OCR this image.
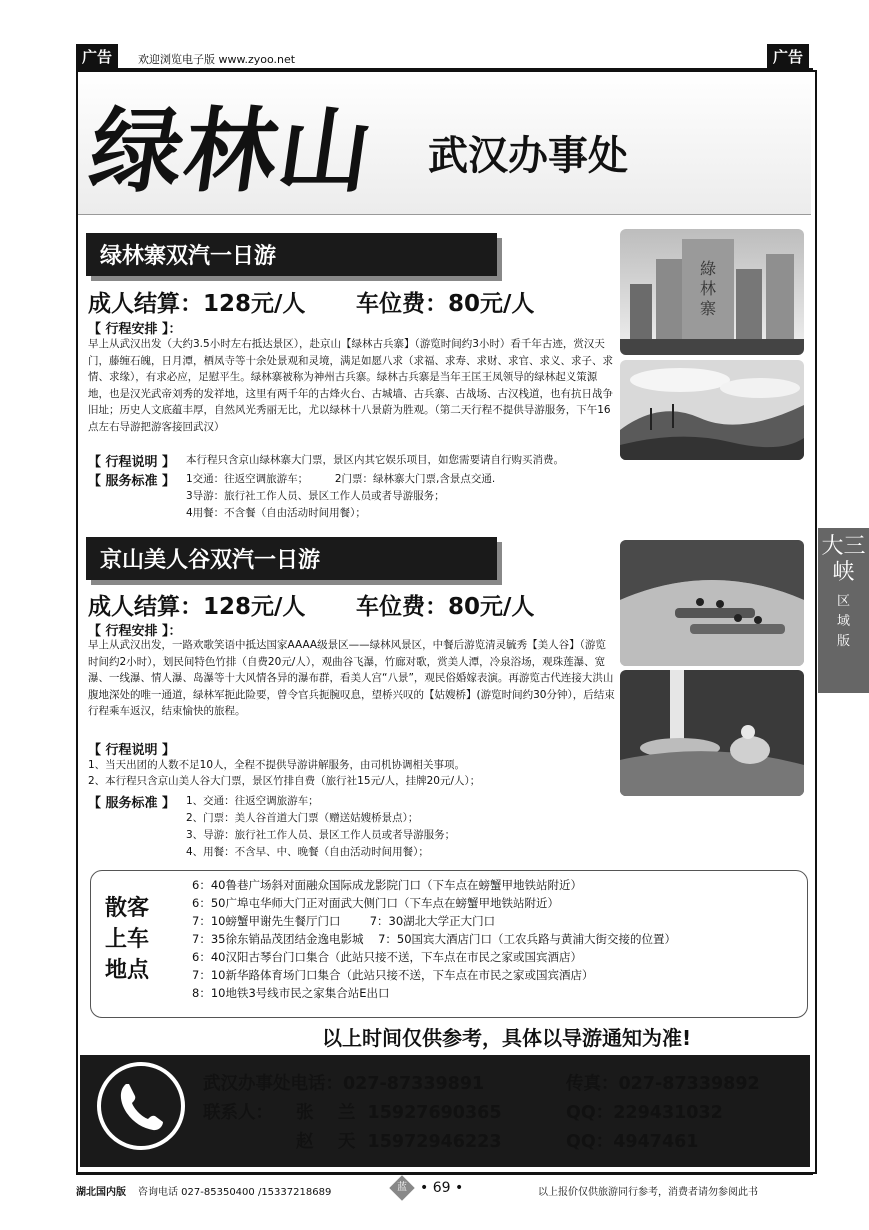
广告	欢迎浏览电子版 www.zyoo.net	广告
绿林山 武汉办事处
绿林寨双汽一日游
成人结算：128元/人 车位费：80元/人
【 行程安排 】：
早上从武汉出发（大约3.5小时左右抵达景区），赴京山【绿林古兵寨】（游览时间约3小时）看千年古迹，赏汉天门，藤缠石魄，日月潭，栖凤寺等十余处景观和灵境，满足如愿八求（求福、求寿、求财、求官、求义、求子、求情、求缘），有求必应，足慰平生。绿林寨被称为神州古兵寨。绿林古兵寨是当年王匡王凤领导的绿林起义策源地，也是汉光武帝刘秀的发祥地，这里有两千年的古烽火台、古城墙、古兵寨、古战场、古汉栈道，也有抗日战争旧址；历史人文底蕴丰厚，自然风光秀丽无比，尤以绿林十八景蔚为胜观。（第二天行程不提供导游服务，下午16点左右导游把游客接回武汉）
【 行程说明 】 本行程只含京山绿林寨大门票，景区内其它娱乐项目，如您需要请自行购买消费。
【 服务标准 】 1交通：往返空调旅游车；        2门票：绿林寨大门票,含景点交通.
3导游：旅行社工作人员、景区工作人员或者导游服务；
4用餐：不含餐（自由活动时间用餐）；
綠
林
寨
京山美人谷双汽一日游
成人结算：128元/人 车位费：80元/人
【 行程安排 】：
早上从武汉出发，一路欢歌笑语中抵达国家AAAA级景区——绿林风景区，中餐后游览清灵毓秀【美人谷】（游览时间约2小时），划民间特色竹排（自费20元/人），观曲谷飞瀑，竹廊对歌，赏美人潭，冷泉浴场，观珠莲瀑、宽瀑、一线瀑、情人瀑、岛瀑等十大风情各异的瀑布群，看美人宫“八景”，观民俗婚嫁表演。再游览古代连接大洪山腹地深处的唯一通道，绿林军扼此险要，曾令官兵扼腕叹息，望桥兴叹的【姑嫂桥】(游览时间约30分钟），后结束行程乘车返汉，结束愉快的旅程。
【 行程说明 】
1、当天出团的人数不足10人，全程不提供导游讲解服务，由司机协调相关事项。
2、本行程只含京山美人谷大门票，景区竹排自费（旅行社15元/人，挂牌20元/人）；
【 服务标准 】 1、交通：往返空调旅游车；
2、门票：美人谷首道大门票（赠送姑嫂桥景点）；
3、导游：旅行社工作人员、景区工作人员或者导游服务；
4、用餐：不含早、中、晚餐（自由活动时间用餐）；
大三峡
区域版
散客
上车
地点
6：40鲁巷广场斜对面融众国际成龙影院门口（下车点在螃蟹甲地铁站附近）
6：50广埠屯华师大门正对面武大侧门口（下车点在螃蟹甲地铁站附近）
7：10螃蟹甲谢先生餐厅门口        7：30湖北大学正大门口
7：35徐东销品茂团结金逸电影城    7：50国宾大酒店门口（工农兵路与黄浦大街交接的位置）
6：40汉阳古琴台门口集合（此站只接不送，下车点在市民之家或国宾酒店）
7：10新华路体育场门口集合（此站只接不送，下车点在市民之家或国宾酒店）
8：10地铁3号线市民之家集合站E出口
以上时间仅供参考，具体以导游通知为准!
武汉办事处电话：027-87339891	传真：027-87339892
联系人： 张    兰  15927690365	QQ：229431032
赵    天  15972946223	QQ：4947461
湖北国内版 咨询电话 027-85350400 /15337218689	蓝 • 69 •	以上报价仅供旅游同行参考，消费者请勿参阅此书
